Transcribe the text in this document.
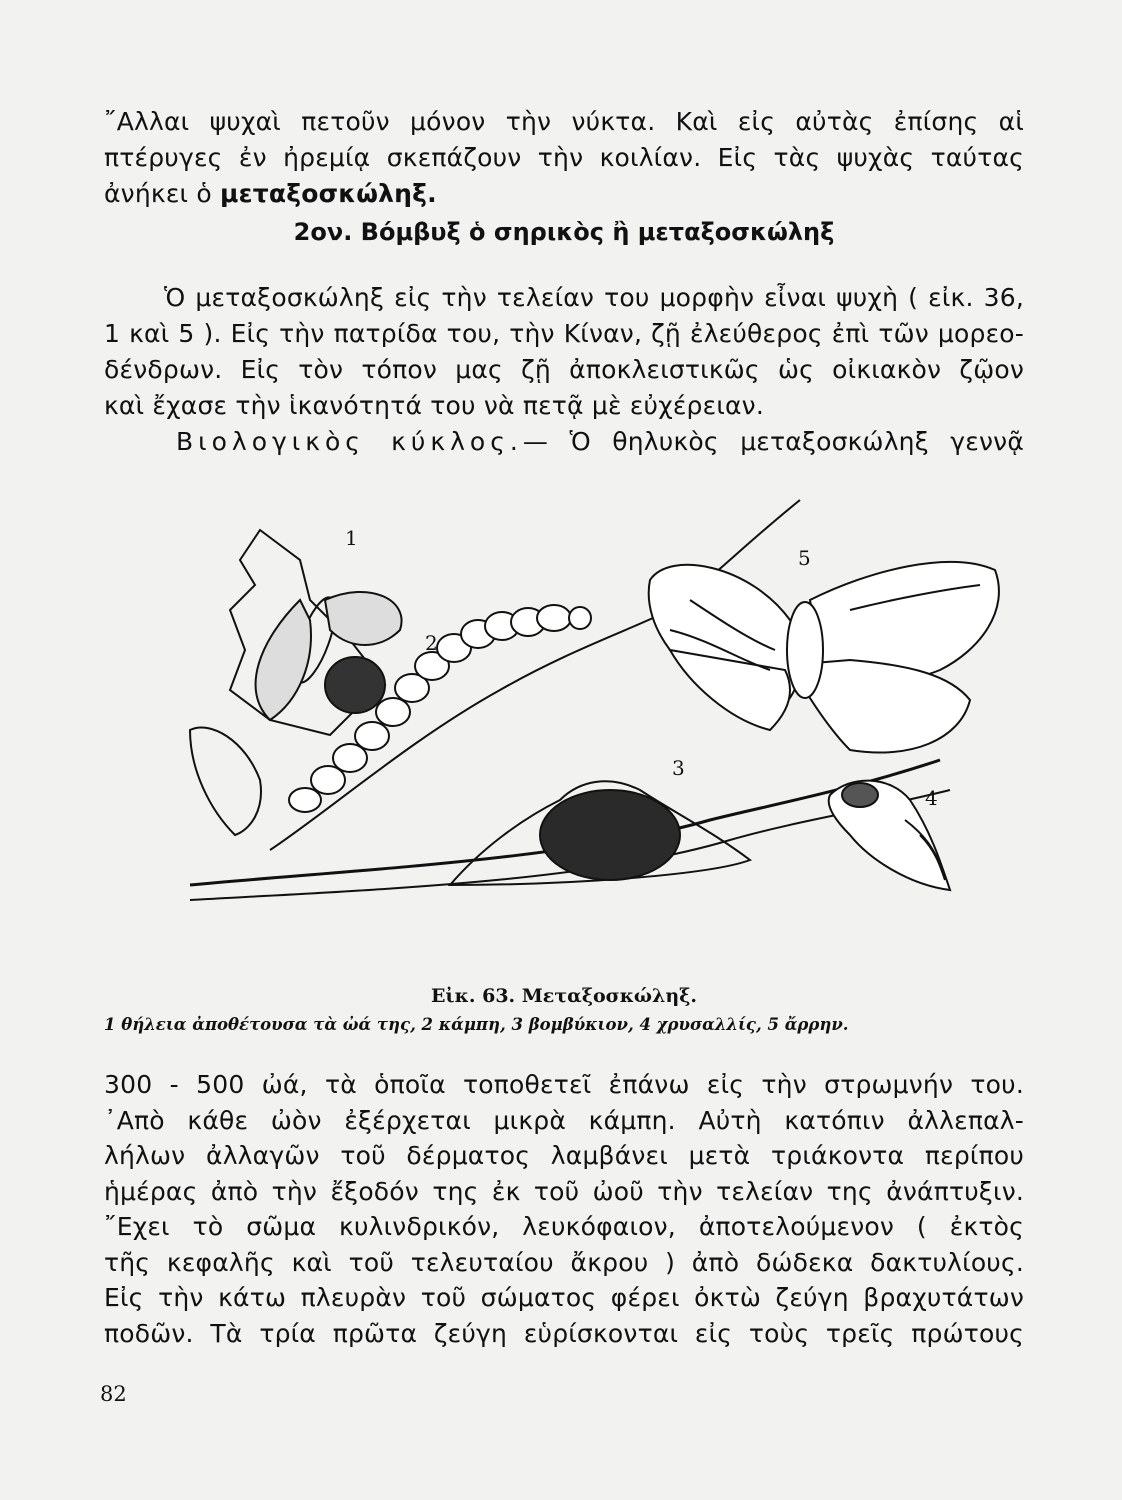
῎Αλλαι ψυχαὶ πετοῦν μόνον τὴν νύκτα. Καὶ εἰς αὐτὰς ἐπίσης αἱ
πτέρυγες ἐν ἠρεμίᾳ σκεπάζουν τὴν κοιλίαν. Εἰς τὰς ψυχὰς ταύτας
ἀνήκει ὁ μεταξοσκώληξ.

2ον. Βόμβυξ ὁ σηρικὸς ἢ μεταξοσκώληξ

Ὁ μεταξοσκώληξ εἰς τὴν τελείαν του μορφὴν εἶναι ψυχὴ ( εἰκ. 36,
1 καὶ 5 ). Εἰς τὴν πατρίδα του, τὴν Κίναν, ζῇ ἐλεύθερος ἐπὶ τῶν μορεο-
δένδρων. Εἰς τὸν τόπον μας ζῇ ἀποκλειστικῶς ὡς οἰκιακὸν ζῷον
καὶ ἔχασε τὴν ἱκανότητά του νὰ πετᾷ μὲ εὐχέρειαν.
Βιολογικὸς κύκλος.— Ὁ θηλυκὸς μεταξοσκώληξ γεννᾷ
1
2
3
4
5

Εἰκ. 63. Μεταξοσκώληξ.

1 θήλεια ἀποθέτουσα τὰ ὠά της, 2 κάμπη, 3 βομβύκιον, 4 χρυσαλλίς, 5 ἄρρην.

300 - 500 ὠά, τὰ ὁποῖα τοποθετεῖ ἐπάνω εἰς τὴν στρωμνήν του.
᾿Απὸ κάθε ὠὸν ἐξέρχεται μικρὰ κάμπη. Αὐτὴ κατόπιν ἀλλεπαλ-
λήλων ἀλλαγῶν τοῦ δέρματος λαμβάνει μετὰ τριάκοντα περίπου
ἡμέρας ἀπὸ τὴν ἔξοδόν της ἐκ τοῦ ὠοῦ τὴν τελείαν της ἀνάπτυξιν.
῎Εχει τὸ σῶμα κυλινδρικόν, λευκόφαιον, ἀποτελούμενον ( ἐκτὸς
τῆς κεφαλῆς καὶ τοῦ τελευταίου ἄκρου ) ἀπὸ δώδεκα δακτυλίους.
Εἰς τὴν κάτω πλευρὰν τοῦ σώματος φέρει ὀκτὼ ζεύγη βραχυτάτων
ποδῶν. Τὰ τρία πρῶτα ζεύγη εὑρίσκονται εἰς τοὺς τρεῖς πρώτους

82
